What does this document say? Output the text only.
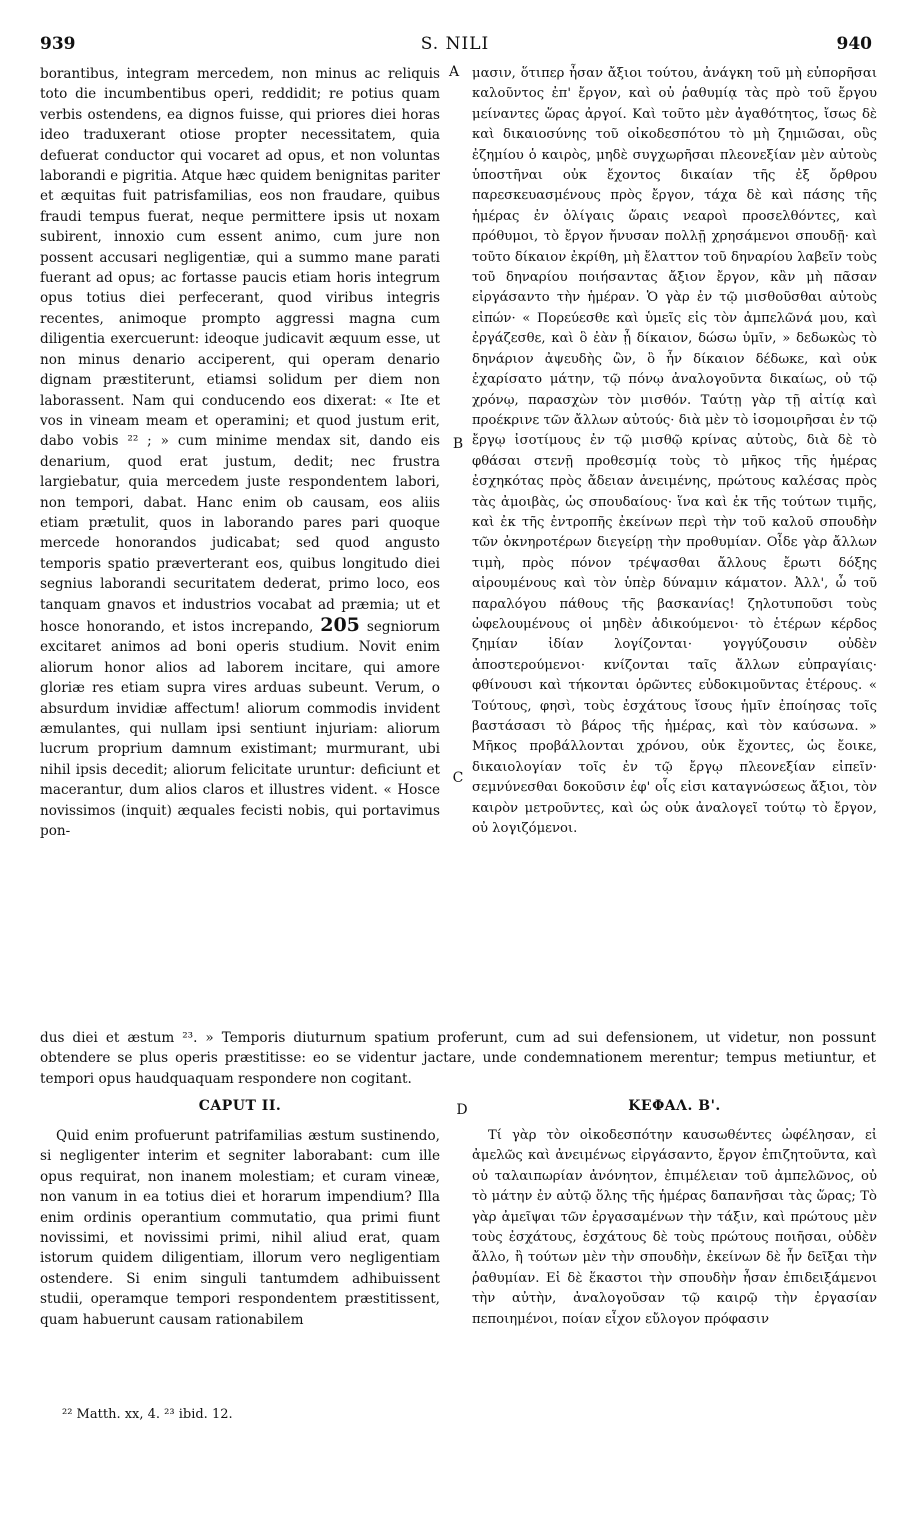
S. NILI
939	940
A
B
C
D

borantibus, integram mercedem, non minus ac reliquis toto die incumbentibus operi, reddidit; re potius quam verbis ostendens, ea dignos fuisse, qui priores diei horas ideo traduxerant otiose propter necessitatem, quia defuerat conductor qui vocaret ad opus, et non voluntas laborandi e pigritia. Atque hæc quidem benignitas pariter et æquitas fuit patrisfamilias, eos non fraudare, quibus fraudi tempus fuerat, neque permittere ipsis ut noxam subirent, innoxio cum essent animo, cum jure non possent accusari negligentiæ, qui a summo mane parati fuerant ad opus; ac fortasse paucis etiam horis integrum opus totius diei perfecerant, quod viribus integris recentes, animoque prompto aggressi magna cum diligentia exercuerunt: ideoque judicavit æquum esse, ut non minus denario acciperent, qui operam denario dignam præstiterunt, etiamsi solidum per diem non laborassent. Nam qui conducendo eos dixerat: « Ite et vos in vineam meam et operamini; et quod justum erit, dabo vobis ²² ; » cum minime mendax sit, dando eis denarium, quod erat justum, dedit; nec frustra largiebatur, quia mercedem juste respondentem labori, non tempori, dabat. Hanc enim ob causam, eos aliis etiam prætulit, quos in laborando pares pari quoque mercede honorandos judicabat; sed quod angusto temporis spatio præverterant eos, quibus longitudo diei segnius laborandi securitatem dederat, primo loco, eos tanquam gnavos et industrios vocabat ad præmia; ut et hosce honorando, et istos increpando, 205 segniorum excitaret animos ad boni operis studium. Novit enim aliorum honor alios ad laborem incitare, qui amore gloriæ res etiam supra vires arduas subeunt. Verum, o absurdum invidiæ affectum! aliorum commodis invident æmulantes, qui nullam ipsi sentiunt injuriam: aliorum lucrum proprium damnum existimant; murmurant, ubi nihil ipsis decedit; aliorum felicitate uruntur: deficiunt et macerantur, dum alios claros et illustres vident. « Hosce novissimos (inquit) æquales fecisti nobis, qui portavimus pon-

μασιν, ὅτιπερ ἦσαν ἄξιοι τούτου, ἀνάγκη τοῦ μὴ εὐπορῆσαι καλοῦντος ἐπ' ἔργον, καὶ οὐ ῥαθυμίᾳ τὰς πρὸ τοῦ ἔργου μείναντες ὥρας ἀργοί. Καὶ τοῦτο μὲν ἀγαθότητος, ἴσως δὲ καὶ δικαιοσύνης τοῦ οἰκοδεσπότου τὸ μὴ ζημιῶσαι, οὓς ἐζημίου ὁ καιρὸς, μηδὲ συγχωρῆσαι πλεονεξίαν μὲν αὐτοὺς ὑποστῆναι οὐκ ἔχοντος δικαίαν τῆς ἐξ ὄρθρου παρεσκευασμένους πρὸς ἔργον, τάχα δὲ καὶ πάσης τῆς ἡμέρας ἐν ὀλίγαις ὥραις νεαροὶ προσελθόντες, καὶ πρόθυμοι, τὸ ἔργον ἤνυσαν πολλῇ χρησάμενοι σπουδῇ· καὶ τοῦτο δίκαιον ἐκρίθη, μὴ ἔλαττον τοῦ δηναρίου λαβεῖν τοὺς τοῦ δηναρίου ποιήσαντας ἄξιον ἔργον, κἂν μὴ πᾶσαν εἰργάσαντο τὴν ἡμέραν. Ὁ γὰρ ἐν τῷ μισθοῦσθαι αὐτοὺς εἰπών· « Πορεύεσθε καὶ ὑμεῖς εἰς τὸν ἀμπελῶνά μου, καὶ ἐργάζεσθε, καὶ ὃ ἐὰν ᾖ δίκαιον, δώσω ὑμῖν, » δεδωκὼς τὸ δηνάριον ἀψευδὴς ὢν, ὃ ἦν δίκαιον δέδωκε, καὶ οὐκ ἐχαρίσατο μάτην, τῷ πόνῳ ἀναλογοῦντα δικαίως, οὐ τῷ χρόνῳ, παρασχὼν τὸν μισθόν. Ταύτῃ γὰρ τῇ αἰτίᾳ καὶ προέκρινε τῶν ἄλλων αὐτούς· διὰ μὲν τὸ ἰσομοιρῆσαι ἐν τῷ ἔργῳ ἰσοτίμους ἐν τῷ μισθῷ κρίνας αὐτοὺς, διὰ δὲ τὸ φθάσαι στενῇ προθεσμίᾳ τοὺς τὸ μῆκος τῆς ἡμέρας ἐσχηκότας πρὸς ἄδειαν ἀνειμένης, πρώτους καλέσας πρὸς τὰς ἀμοιβὰς, ὡς σπουδαίους· ἵνα καὶ ἐκ τῆς τούτων τιμῆς, καὶ ἐκ τῆς ἐντροπῆς ἐκείνων περὶ τὴν τοῦ καλοῦ σπουδὴν τῶν ὀκνηροτέρων διεγείρῃ τὴν προθυμίαν. Οἶδε γὰρ ἄλλων τιμὴ, πρὸς πόνον τρέψασθαι ἄλλους ἔρωτι δόξης αἱρουμένους καὶ τὸν ὑπὲρ δύναμιν κάματον. Ἀλλ', ὦ τοῦ παραλόγου πάθους τῆς βασκανίας! ζηλοτυποῦσι τοὺς ὠφελουμένους οἱ μηδὲν ἀδικούμενοι· τὸ ἑτέρων κέρδος ζημίαν ἰδίαν λογίζονται· γογγύζουσιν οὐδὲν ἀποστερούμενοι· κνίζονται ταῖς ἄλλων εὐπραγίαις· φθίνουσι καὶ τήκονται ὁρῶντες εὐδοκιμοῦντας ἑτέρους. « Τούτους, φησὶ, τοὺς ἐσχάτους ἴσους ἡμῖν ἐποίησας τοῖς βαστάσασι τὸ βάρος τῆς ἡμέρας, καὶ τὸν καύσωνα. » Μῆκος προβάλλονται χρόνου, οὐκ ἔχοντες, ὡς ἔοικε, δικαιολογίαν τοῖς ἐν τῷ ἔργῳ πλεονεξίαν εἰπεῖν· σεμνύνεσθαι δοκοῦσιν ἐφ' οἷς εἰσι καταγνώσεως ἄξιοι, τὸν καιρὸν μετροῦντες, καὶ ὡς οὐκ ἀναλογεῖ τούτῳ τὸ ἔργον, οὐ λογιζόμενοι.

dus diei et æstum ²³. » Temporis diuturnum spatium proferunt, cum ad sui defensionem, ut videtur, non possunt obtendere se plus operis præstitisse: eo se videntur jactare, unde condemnationem merentur; tempus metiuntur, et tempori opus haudquaquam respondere non cogitant.
CAPUT II.	ΚΕΦΑΛ. Β'.
Quid enim profuerunt patrifamilias æstum sustinendo, si negligenter interim et segniter laborabant: cum ille opus requirat, non inanem molestiam; et curam vineæ, non vanum in ea totius diei et horarum impendium? Illa enim ordinis operantium commutatio, qua primi fiunt novissimi, et novissimi primi, nihil aliud erat, quam istorum quidem diligentiam, illorum vero negligentiam ostendere. Si enim singuli tantumdem adhibuissent studii, operamque tempori respondentem præstitissent, quam habuerunt causam rationabilem
Τί γὰρ τὸν οἰκοδεσπότην καυσωθέντες ὠφέλησαν, εἰ ἀμελῶς καὶ ἀνειμένως εἰργάσαντο, ἔργον ἐπιζητοῦντα, καὶ οὐ ταλαιπωρίαν ἀνόνητον, ἐπιμέλειαν τοῦ ἀμπελῶνος, οὐ τὸ μάτην ἐν αὐτῷ ὅλης τῆς ἡμέρας δαπανῆσαι τὰς ὥρας; Τὸ γὰρ ἀμεῖψαι τῶν ἐργασαμένων τὴν τάξιν, καὶ πρώτους μὲν τοὺς ἐσχάτους, ἐσχάτους δὲ τοὺς πρώτους ποιῆσαι, οὐδὲν ἄλλο, ἢ τούτων μὲν τὴν σπουδὴν, ἐκείνων δὲ ἦν δεῖξαι τὴν ῥαθυμίαν. Εἰ δὲ ἕκαστοι τὴν σπουδὴν ἦσαν ἐπιδειξάμενοι τὴν αὐτὴν, ἀναλογοῦσαν τῷ καιρῷ τὴν ἐργασίαν πεποιημένοι, ποίαν εἶχον εὔλογον πρόφασιν
²² Matth. xx, 4. ²³ ibid. 12.
